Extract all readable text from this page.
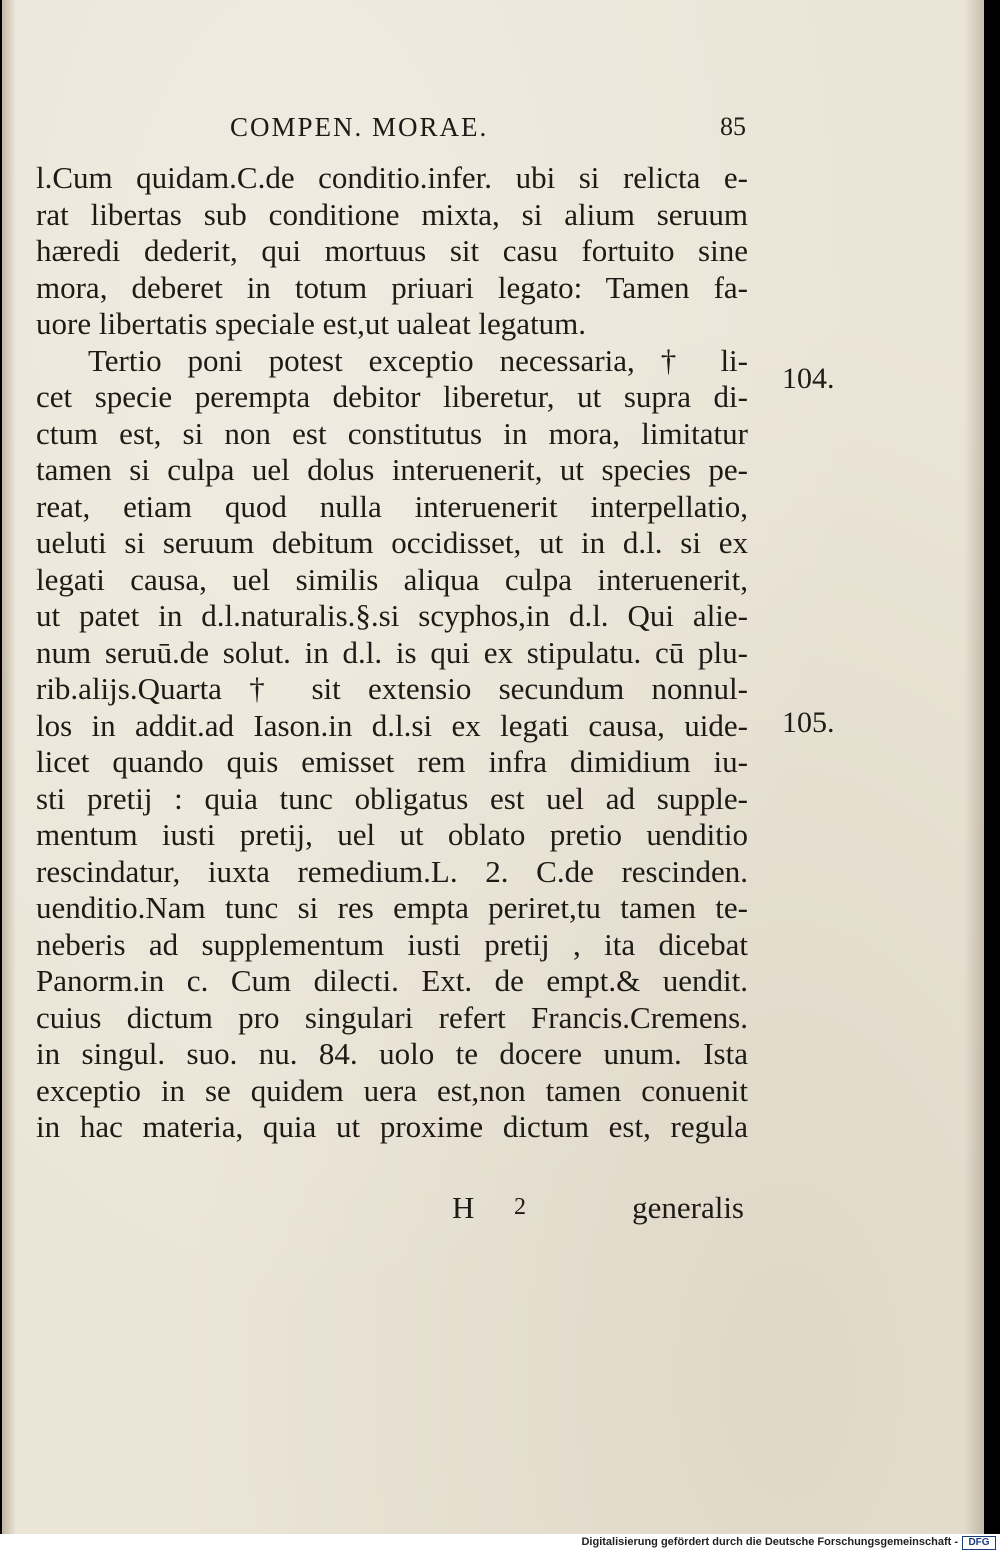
COMPEN. MORAE.	85
l.Cum quidam.C.de conditio.infer. ubi si relicta e-
rat libertas sub conditione mixta, si alium seruum
hæredi dederit, qui mortuus sit casu fortuito sine
mora, deberet in totum priuari legato: Tamen fa-
uore libertatis speciale est,ut ualeat legatum.
Tertio poni potest exceptio necessaria, † li-
cet specie perempta debitor liberetur, ut supra di-
ctum est, si non est constitutus in mora, limitatur
tamen si culpa uel dolus interuenerit, ut species pe-
reat, etiam quod nulla interuenerit interpellatio,
ueluti si seruum debitum occidisset, ut in d.l. si ex
legati causa, uel similis aliqua culpa interuenerit,
ut patet in d.l.naturalis.§.si scyphos,in d.l. Qui alie-
num seruū.de solut. in d.l. is qui ex stipulatu. cū plu-
rib.alijs.Quarta † sit extensio secundum nonnul-
los in addit.ad Iason.in d.l.si ex legati causa, uide-
licet quando quis emisset rem infra dimidium iu-
sti pretij : quia tunc obligatus est uel ad supple-
mentum iusti pretij, uel ut oblato pretio uenditio
rescindatur, iuxta remedium.L. 2. C.de rescinden.
uenditio.Nam tunc si res empta periret,tu tamen te-
neberis ad supplementum iusti pretij , ita dicebat
Panorm.in c. Cum dilecti. Ext. de empt.& uendit.
cuius dictum pro singulari refert Francis.Cremens.
in singul. suo. nu. 84. uolo te docere unum. Ista
exceptio in se quidem uera est,non tamen conuenit
in hac materia, quia ut proxime dictum est, regula
104.
105.
H 2	generalis
Digitalisierung gefördert durch die Deutsche Forschungsgemeinschaft -	DFG
